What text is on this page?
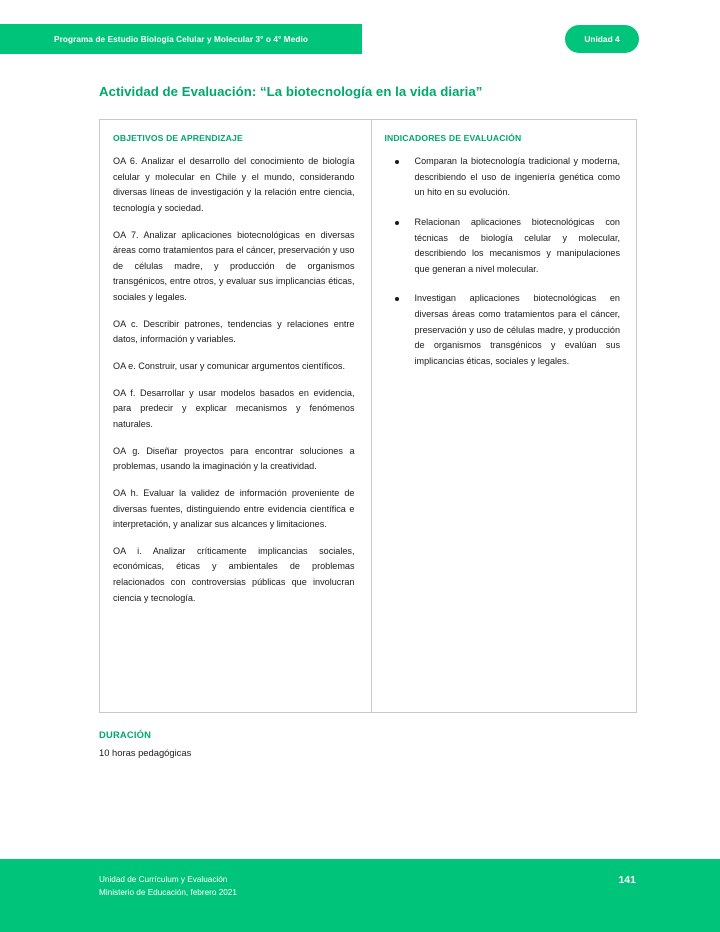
Programa de Estudio Biología Celular y Molecular 3° o 4° Medio	Unidad 4
Actividad de Evaluación: “La biotecnología en la vida diaria”
OBJETIVOS DE APRENDIZAJE
OA 6. Analizar el desarrollo del conocimiento de biología celular y molecular en Chile y el mundo, considerando diversas líneas de investigación y la relación entre ciencia, tecnología y sociedad.
OA 7. Analizar aplicaciones biotecnológicas en diversas áreas como tratamientos para el cáncer, preservación y uso de células madre, y producción de organismos transgénicos, entre otros, y evaluar sus implicancias éticas, sociales y legales.
OA c. Describir patrones, tendencias y relaciones entre datos, información y variables.
OA e. Construir, usar y comunicar argumentos científicos.
OA f. Desarrollar y usar modelos basados en evidencia, para predecir y explicar mecanismos y fenómenos naturales.
OA g. Diseñar proyectos para encontrar soluciones a problemas, usando la imaginación y la creatividad.
OA h. Evaluar la validez de información proveniente de diversas fuentes, distinguiendo entre evidencia científica e interpretación, y analizar sus alcances y limitaciones.
OA i. Analizar críticamente implicancias sociales, económicas, éticas y ambientales de problemas relacionados con controversias públicas que involucran ciencia y tecnología.
INDICADORES DE EVALUACIÓN
Comparan la biotecnología tradicional y moderna, describiendo el uso de ingeniería genética como un hito en su evolución.
Relacionan aplicaciones biotecnológicas con técnicas de biología celular y molecular, describiendo los mecanismos y manipulaciones que generan a nivel molecular.
Investigan aplicaciones biotecnológicas en diversas áreas como tratamientos para el cáncer, preservación y uso de células madre, y producción de organismos transgénicos y evalúan sus implicancias éticas, sociales y legales.
DURACIÓN
10 horas pedagógicas
Unidad de Currículum y Evaluación
Ministerio de Educación, febrero 2021
141
